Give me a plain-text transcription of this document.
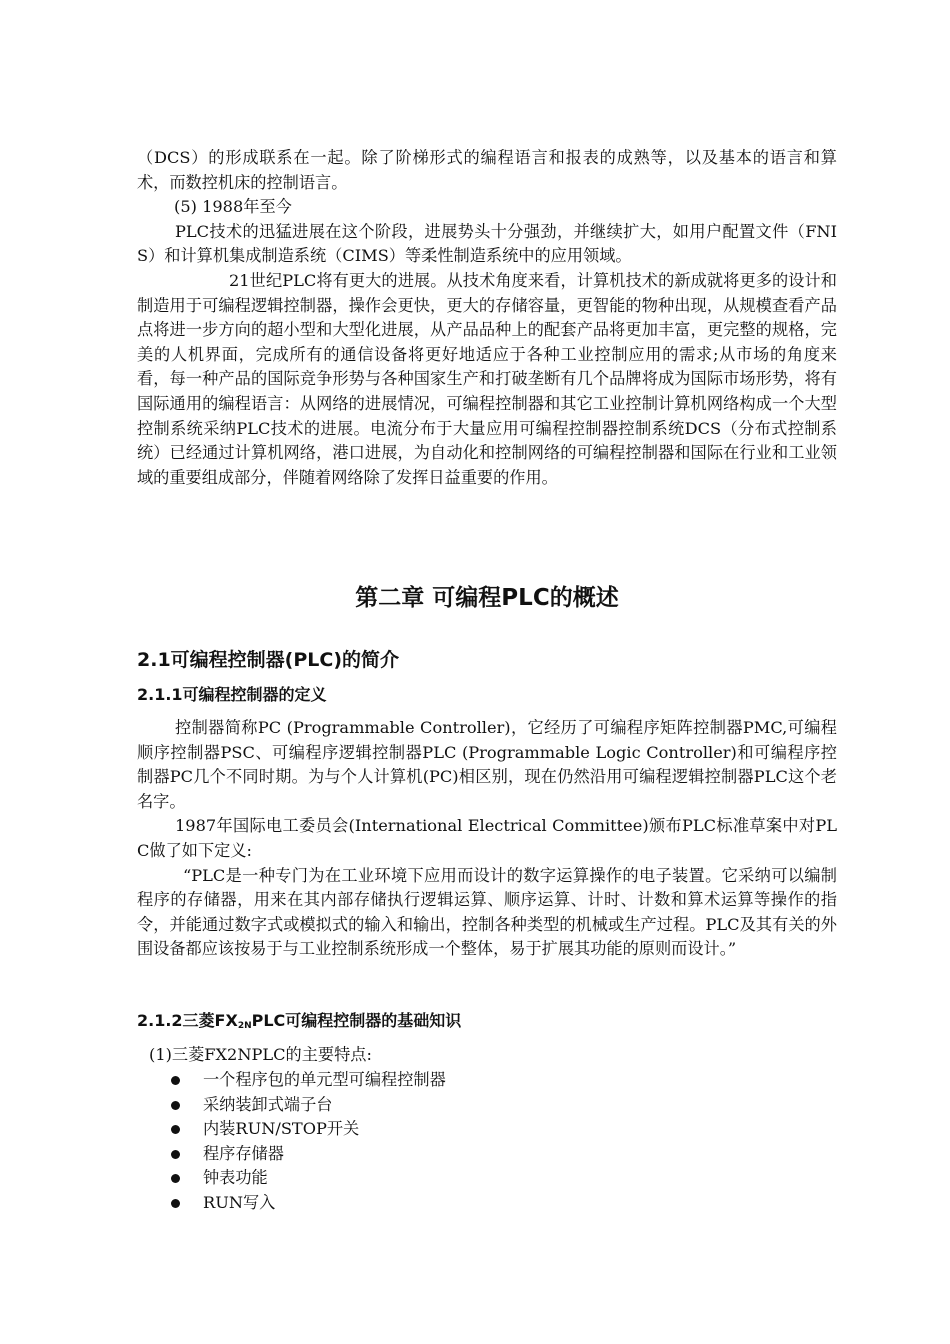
（DCS）的形成联系在一起。除了阶梯形式的编程语言和报表的成熟等，以及基本的语言和算术，而数控机床的控制语言。

(5) 1988年至今

PLC技术的迅猛进展在这个阶段，进展势头十分强劲，并继续扩大，如用户配置文件（FNIS）和计算机集成制造系统（CIMS）等柔性制造系统中的应用领域。

21世纪PLC将有更大的进展。从技术角度来看，计算机技术的新成就将更多的设计和制造用于可编程逻辑控制器，操作会更快，更大的存储容量，更智能的物种出现，从规模查看产品点将进一步方向的超小型和大型化进展，从产品品种上的配套产品将更加丰富，更完整的规格，完美的人机界面，完成所有的通信设备将更好地适应于各种工业控制应用的需求;从市场的角度来看，每一种产品的国际竞争形势与各种国家生产和打破垄断有几个品牌将成为国际市场形势，将有国际通用的编程语言：从网络的进展情况，可编程控制器和其它工业控制计算机网络构成一个大型控制系统采纳PLC技术的进展。电流分布于大量应用可编程控制器控制系统DCS（分布式控制系统）已经通过计算机网络，港口进展，为自动化和控制网络的可编程控制器和国际在行业和工业领域的重要组成部分，伴随着网络除了发挥日益重要的作用。

第二章 可编程PLC的概述
2.1可编程控制器(PLC)的简介
2.1.1可编程控制器的定义

控制器简称PC (Programmable Controller)，它经历了可编程序矩阵控制器PMC,可编程顺序控制器PSC、可编程序逻辑控制器PLC (Programmable Logic Controller)和可编程序控制器PC几个不同时期。为与个人计算机(PC)相区别，现在仍然沿用可编程逻辑控制器PLC这个老名字。

1987年国际电工委员会(International Electrical Committee)颁布PLC标准草案中对PLC做了如下定义:

“PLC是一种专门为在工业环境下应用而设计的数字运算操作的电子装置。它采纳可以编制程序的存储器，用来在其内部存储执行逻辑运算、顺序运算、计时、计数和算术运算等操作的指令，并能通过数字式或模拟式的输入和输出，控制各种类型的机械或生产过程。PLC及其有关的外围设备都应该按易于与工业控制系统形成一个整体，易于扩展其功能的原则而设计。”

2.1.2三菱$FX_{2N}PLC$可编程控制器的基础知识

(1)三菱FX2NPLC的主要特点:

一个程序包的单元型可编程控制器
采纳装卸式端子台
内装RUN/STOP开关
程序存储器
钟表功能
RUN写入
